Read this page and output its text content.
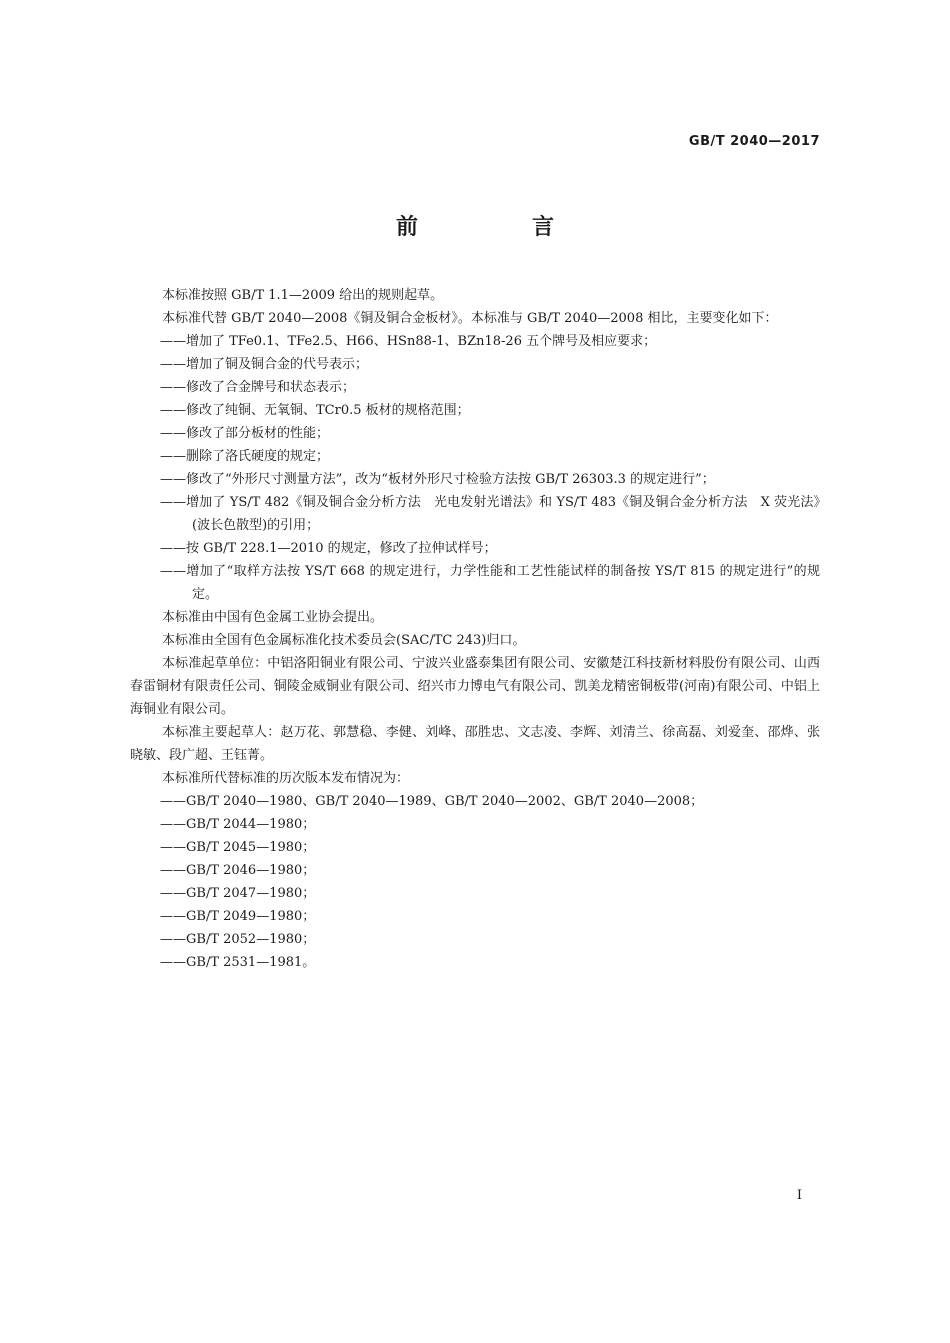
GB/T 2040—2017
前　言

本标准按照 GB/T 1.1—2009 给出的规则起草。

本标准代替 GB/T 2040—2008《铜及铜合金板材》。本标准与 GB/T 2040—2008 相比，主要变化如下：

——增加了 TFe0.1、TFe2.5、H66、HSn88-1、BZn18-26 五个牌号及相应要求；

——增加了铜及铜合金的代号表示；

——修改了合金牌号和状态表示；

——修改了纯铜、无氧铜、TCr0.5 板材的规格范围；

——修改了部分板材的性能；

——删除了洛氏硬度的规定；

——修改了“外形尺寸测量方法”，改为“板材外形尺寸检验方法按 GB/T 26303.3 的规定进行”；

——增加了 YS/T 482《铜及铜合金分析方法　光电发射光谱法》和 YS/T 483《铜及铜合金分析方法　X 荧光法》(波长色散型)的引用；

——按 GB/T 228.1—2010 的规定，修改了拉伸试样号；

——增加了“取样方法按 YS/T 668 的规定进行，力学性能和工艺性能试样的制备按 YS/T 815 的规定进行”的规定。

本标准由中国有色金属工业协会提出。

本标准由全国有色金属标准化技术委员会(SAC/TC 243)归口。

本标准起草单位：中铝洛阳铜业有限公司、宁波兴业盛泰集团有限公司、安徽楚江科技新材料股份有限公司、山西春雷铜材有限责任公司、铜陵金威铜业有限公司、绍兴市力博电气有限公司、凯美龙精密铜板带(河南)有限公司、中铝上海铜业有限公司。

本标准主要起草人：赵万花、郭慧稳、李健、刘峰、邵胜忠、文志凌、李辉、刘清兰、徐高磊、刘爱奎、邵烨、张晓敏、段广超、王钰菁。

本标准所代替标准的历次版本发布情况为：

——GB/T 2040—1980、GB/T 2040—1989、GB/T 2040—2002、GB/T 2040—2008；

——GB/T 2044—1980；

——GB/T 2045—1980；

——GB/T 2046—1980；

——GB/T 2047—1980；

——GB/T 2049—1980；

——GB/T 2052—1980；

——GB/T 2531—1981。

I
